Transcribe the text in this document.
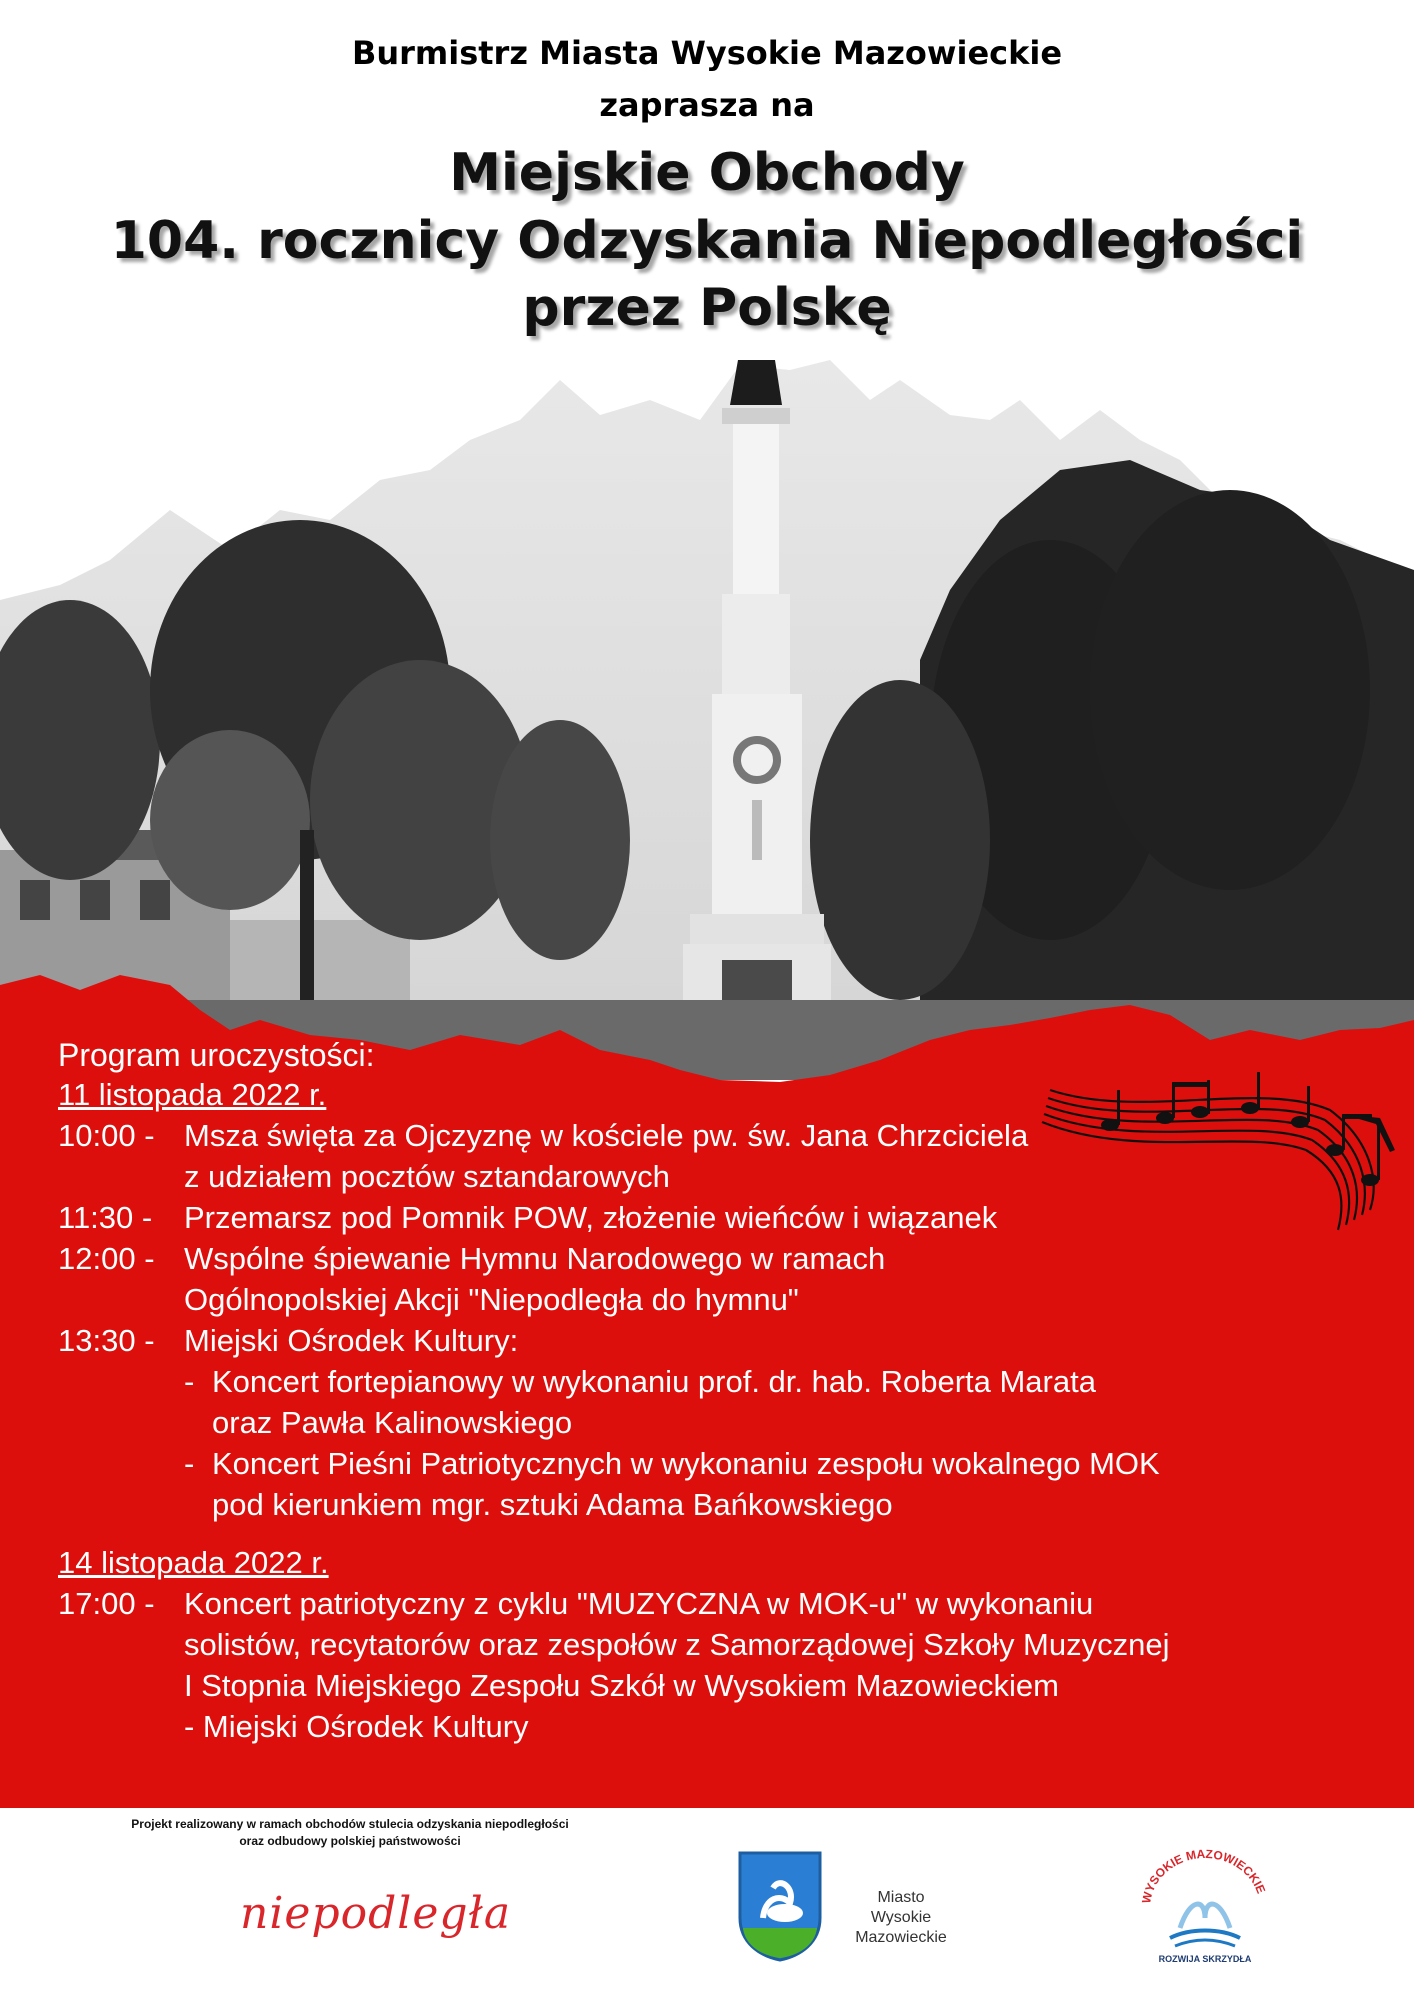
Burmistrz Miasta Wysokie Mazowieckie
zaprasza na
Miejskie Obchody
104. rocznicy Odzyskania Niepodległości
przez Polskę
Program uroczystości:
11 listopada 2022 r.
10:00 - Msza święta za Ojczyznę w kościele pw. św. Jana Chrzciciela
z udziałem pocztów sztandarowych
11:30 - Przemarsz pod Pomnik POW, złożenie wieńców i wiązanek
12:00 - Wspólne śpiewanie Hymnu Narodowego w ramach
Ogólnopolskiej Akcji "Niepodległa do hymnu"
13:30 - Miejski Ośrodek Kultury:
- Koncert fortepianowy w wykonaniu prof. dr. hab. Roberta Marata
oraz Pawła Kalinowskiego
- Koncert Pieśni Patriotycznych w wykonaniu zespołu wokalnego MOK
pod kierunkiem mgr. sztuki Adama Bańkowskiego
14 listopada 2022 r.
17:00 - Koncert patriotyczny z cyklu "MUZYCZNA w MOK-u" w wykonaniu
solistów, recytatorów oraz zespołów z Samorządowej Szkoły Muzycznej
I Stopnia Miejskiego Zespołu Szkół w Wysokiem Mazowieckiem
- Miejski Ośrodek Kultury
Projekt realizowany w ramach obchodów stulecia odzyskania niepodległości
oraz odbudowy polskiej państwowości
niepodległa	Miasto
Wysokie Mazowieckie
WYSOKIE MAZOWIECKIE
ROZWIJA SKRZYDŁA
